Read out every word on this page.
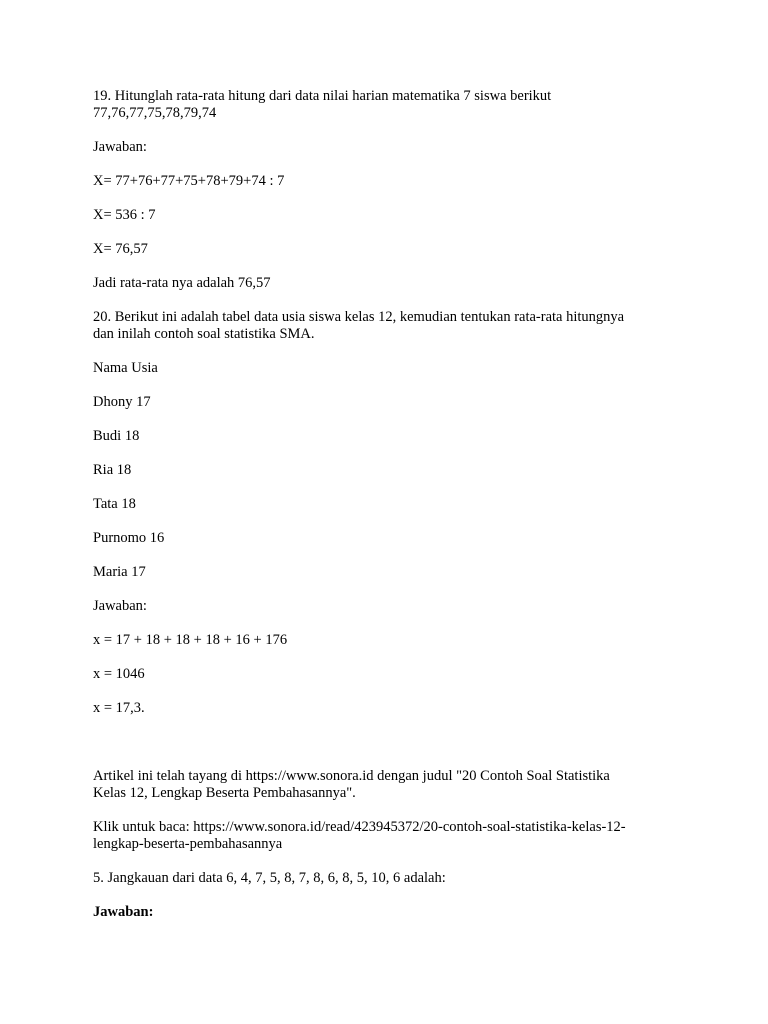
19. Hitunglah rata-rata hitung dari data nilai harian matematika 7 siswa berikut
77,76,77,75,78,79,74

Jawaban:

X= 77+76+77+75+78+79+74 : 7

X= 536 : 7

X= 76,57

Jadi rata-rata nya adalah 76,57

20. Berikut ini adalah tabel data usia siswa kelas 12, kemudian tentukan rata-rata hitungnya
dan inilah contoh soal statistika SMA.

Nama Usia

Dhony 17

Budi 18

Ria 18

Tata 18

Purnomo 16

Maria 17

Jawaban:

x = 17 + 18 + 18 + 18 + 16 + 176

x = 1046

x = 17,3.

Artikel ini telah tayang di https://www.sonora.id dengan judul "20 Contoh Soal Statistika
Kelas 12, Lengkap Beserta Pembahasannya".

Klik untuk baca: https://www.sonora.id/read/423945372/20-contoh-soal-statistika-kelas-12-
lengkap-beserta-pembahasannya

5. Jangkauan dari data 6, 4, 7, 5, 8, 7, 8, 6, 8, 5, 10, 6 adalah:

Jawaban:
